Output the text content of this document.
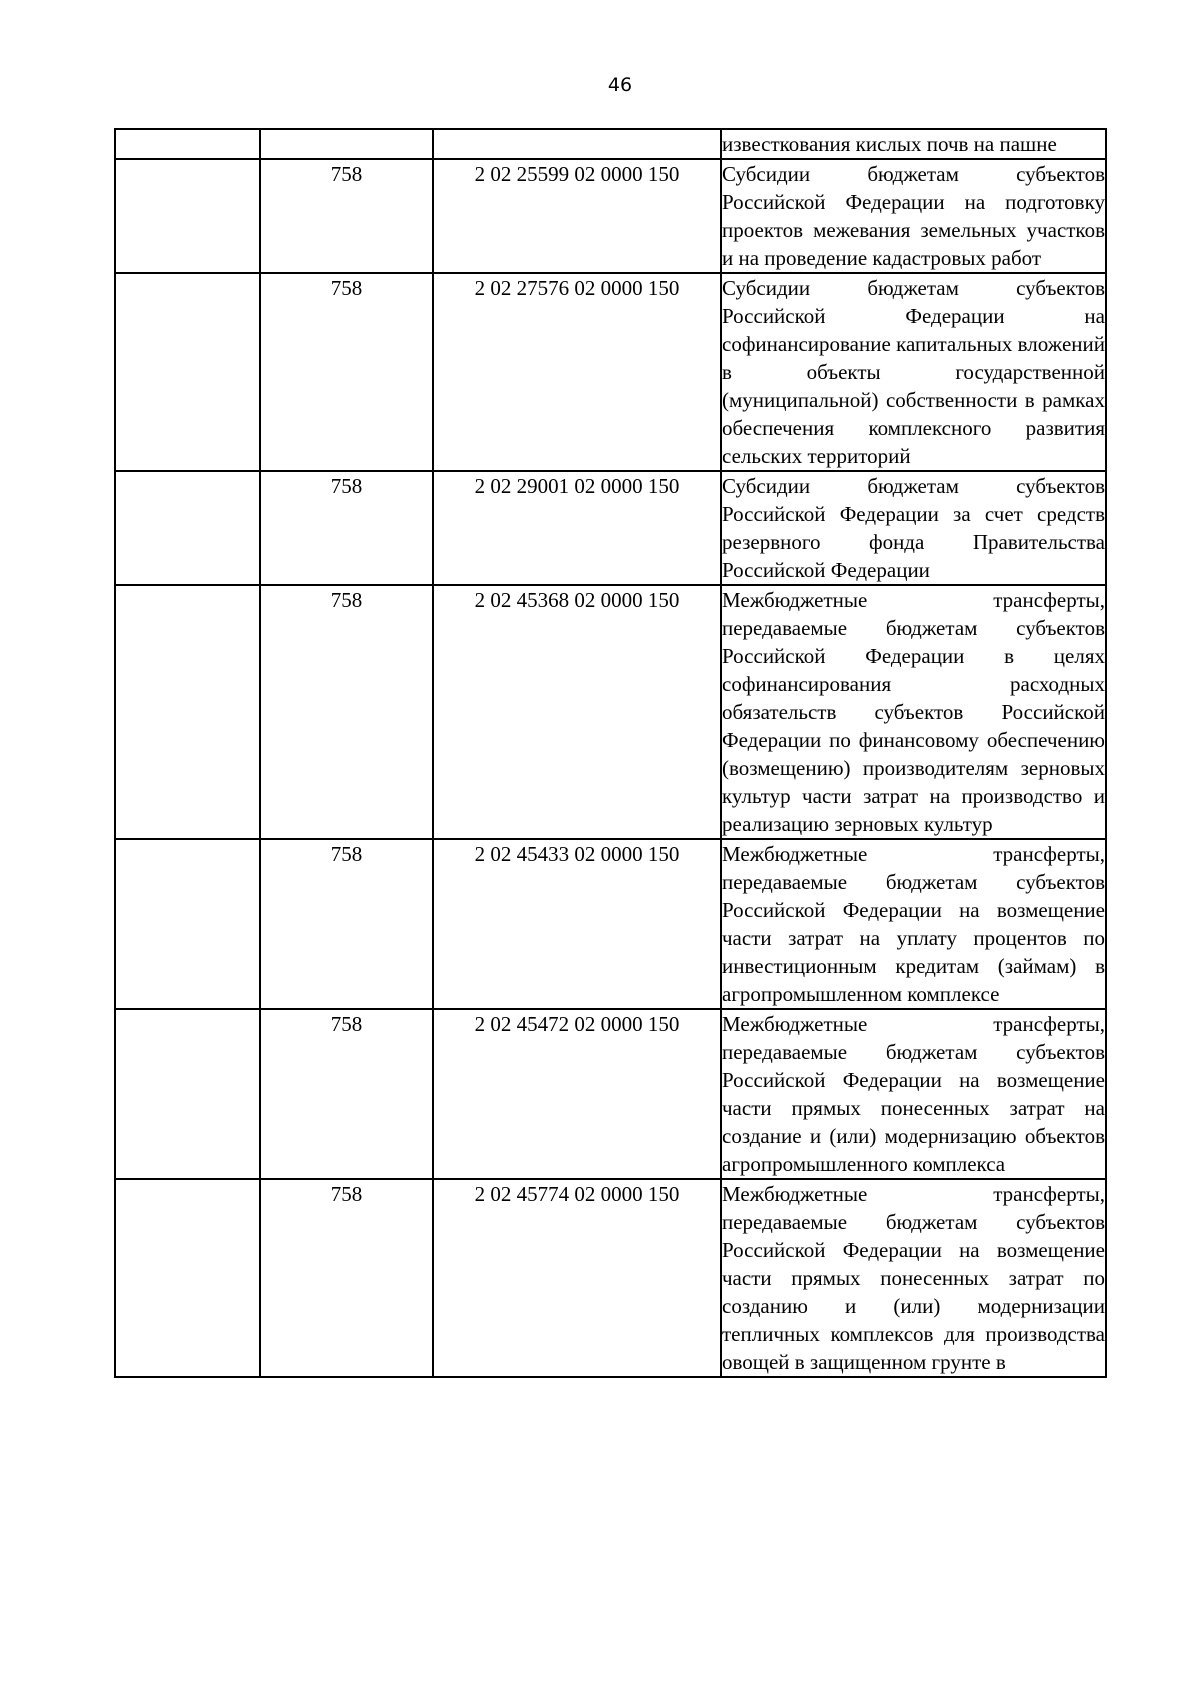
46
			известкования кислых почв на пашне
	758	2 02 25599 02 0000 150	Субсидии бюджетам субъектов Российской Федерации на подготовку проектов межевания земельных участков и на проведение кадастровых работ
	758	2 02 27576 02 0000 150	Субсидии бюджетам субъектов Российской Федерации на софинансирование капитальных вложений в объекты государственной (муниципальной) собственности в рамках обеспечения комплексного развития сельских территорий
	758	2 02 29001 02 0000 150	Субсидии бюджетам субъектов Российской Федерации за счет средств резервного фонда Правительства Российской Федерации
	758	2 02 45368 02 0000 150	Межбюджетные трансферты, передаваемые бюджетам субъектов Российской Федерации в целях софинансирования расходных обязательств субъектов Российской Федерации по финансовому обеспечению (возмещению) производителям зерновых культур части затрат на производство и реализацию зерновых культур
	758	2 02 45433 02 0000 150	Межбюджетные трансферты, передаваемые бюджетам субъектов Российской Федерации на возмещение части затрат на уплату процентов по инвестиционным кредитам (займам) в агропромышленном комплексе
	758	2 02 45472 02 0000 150	Межбюджетные трансферты, передаваемые бюджетам субъектов Российской Федерации на возмещение части прямых понесенных затрат на создание и (или) модернизацию объектов агропромышленного комплекса
	758	2 02 45774 02 0000 150	Межбюджетные трансферты, передаваемые бюджетам субъектов Российской Федерации на возмещение части прямых понесенных затрат по созданию и (или) модернизации тепличных комплексов для производства овощей в защищенном грунте в
